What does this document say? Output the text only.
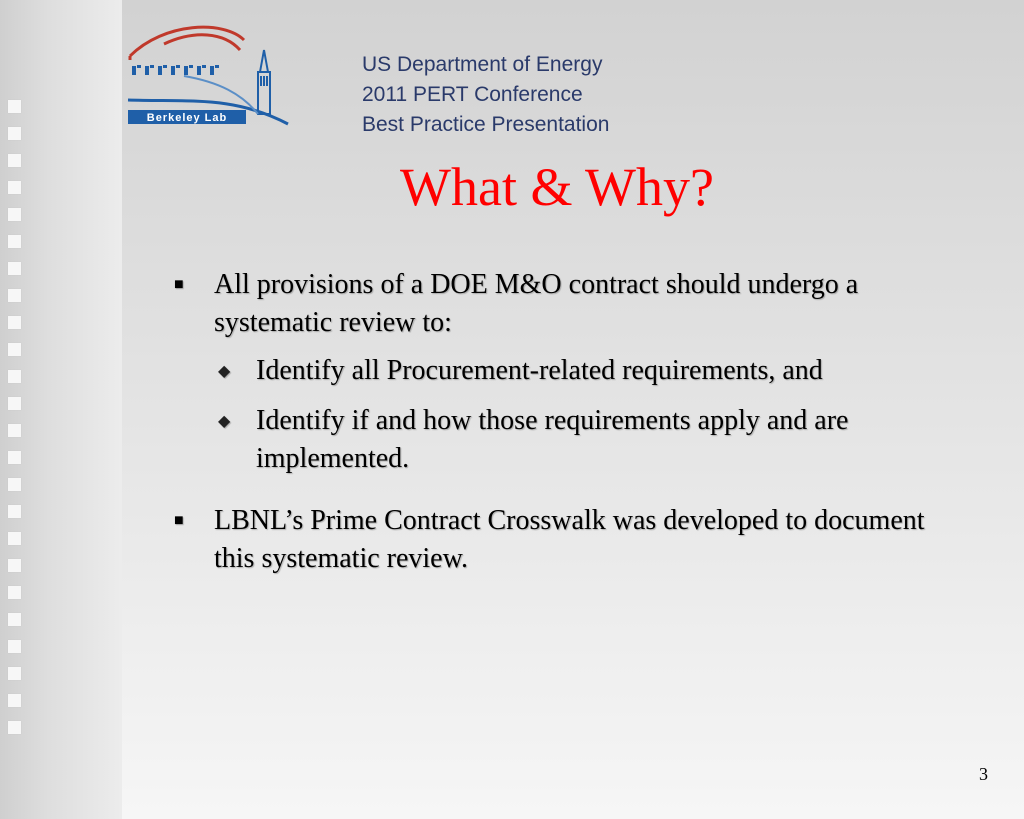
Berkeley Lab
US Department of Energy
2011 PERT Conference
Best Practice Presentation
What & Why?
■	All provisions of a DOE M&O contract should undergo a systematic review to:
◆ Identify all Procurement-related requirements, and
◆ Identify if and how those requirements apply and are implemented.
■	LBNL’s Prime Contract Crosswalk was developed to document this systematic review.
3
